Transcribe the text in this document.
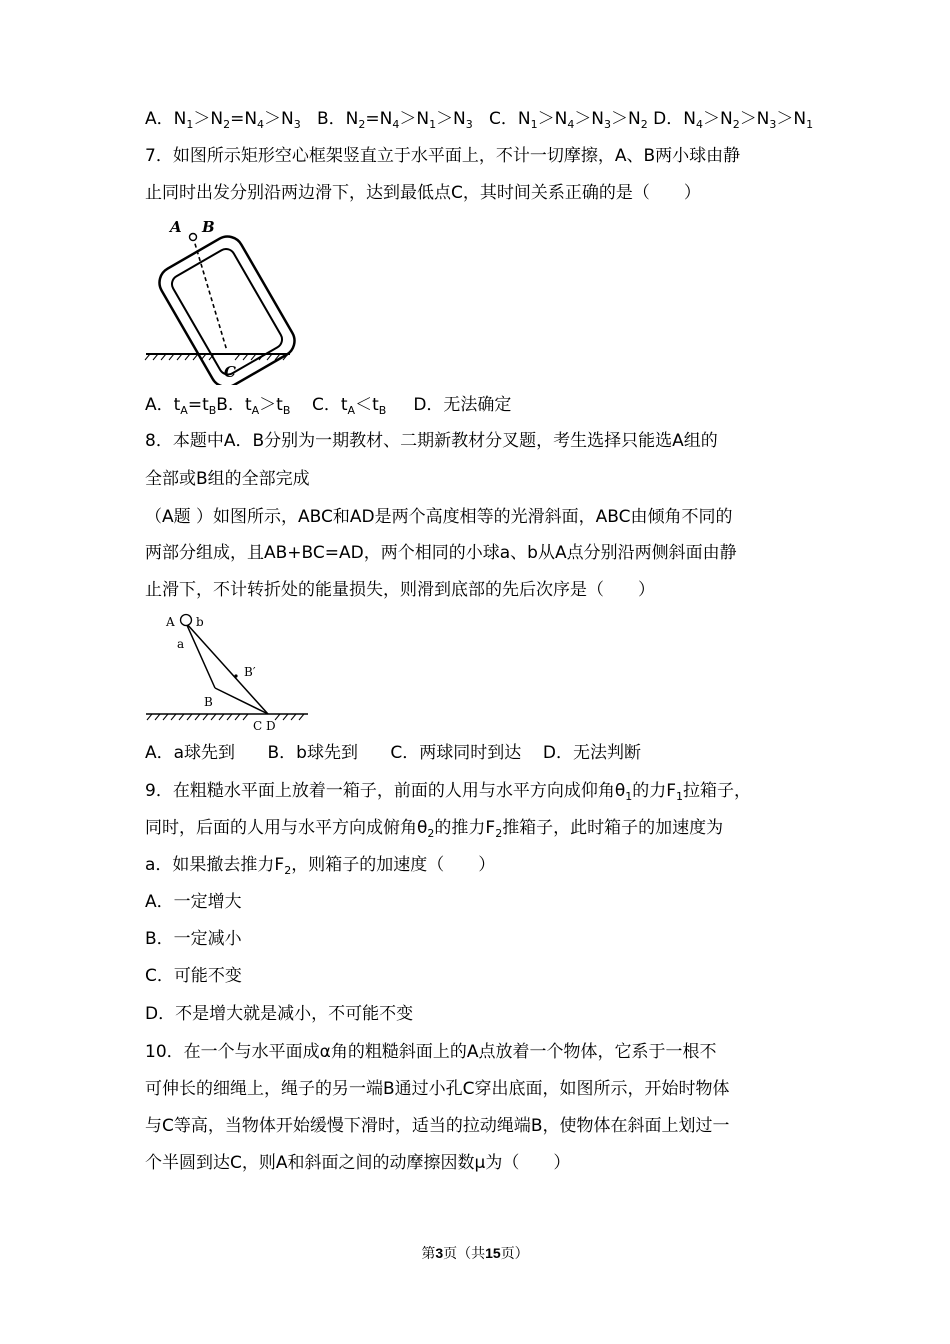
A．$N_1>N_2=N_4>N_3$ B．$N_2=N_4>N_1>N_3$ C．$N_1>N_4>N_3>N_2$ D．$N_4>N_2>N_3>N_1$
7．如图所示矩形空心框架竖直立于水平面上，不计一切摩擦，A、B两小球由静
止同时出发分别沿两边滑下，达到最低点C，其时间关系正确的是（　　）
A B
C
A．$t_A=t_BB$．$t_A>t_B$ C．$t_A<t_B$ D．无法确定
8．本题中A．B分别为一期教材、二期新教材分叉题，考生选择只能选A组的
全部或B组的全部完成
（A题 ）如图所示，ABC和AD是两个高度相等的光滑斜面，ABC由倾角不同的
两部分组成，且AB+BC=AD，两个相同的小球a、b从A点分别沿两侧斜面由静
止滑下，不计转折处的能量损失，则滑到底部的先后次序是（　　）
A b
a
B′
B
C D
A．a球先到 B．b球先到 C．两球同时到达 D．无法判断
9．在粗糙水平面上放着一箱子，前面的人用与水平方向成仰角$\theta_1$的力$F_1$拉箱子，
同时，后面的人用与水平方向成俯角$\theta_2$的推力$F_2$推箱子，此时箱子的加速度为
a．如果撤去推力$F_2$，则箱子的加速度（　　）
A．一定增大
B．一定减小
C．可能不变
D．不是增大就是减小，不可能不变
10．在一个与水平面成α角的粗糙斜面上的A点放着一个物体，它系于一根不
可伸长的细绳上，绳子的另一端B通过小孔C穿出底面，如图所示，开始时物体
与C等高，当物体开始缓慢下滑时，适当的拉动绳端B，使物体在斜面上划过一
个半圆到达C，则A和斜面之间的动摩擦因数μ为（　　）
第3页（共15页）
